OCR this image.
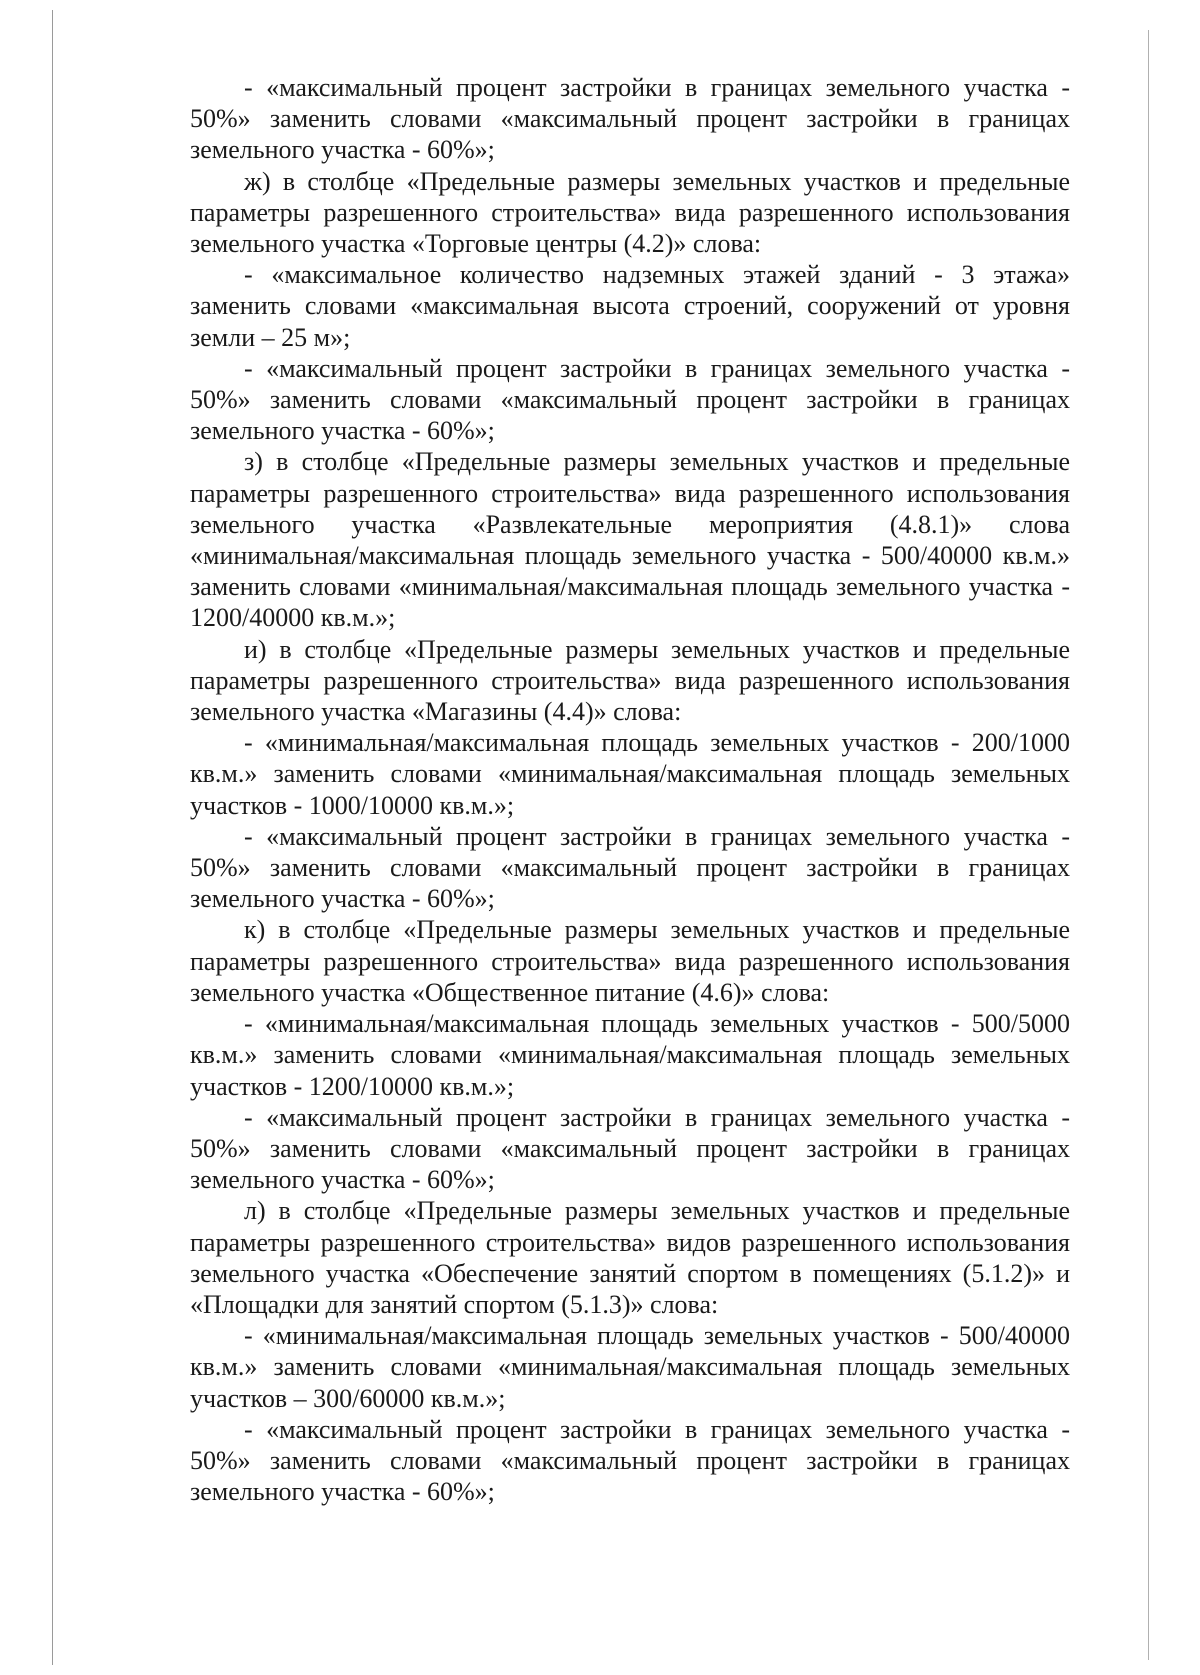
- «максимальный процент застройки в границах земельного участка - 50%» заменить словами «максимальный процент застройки в границах земельного участка - 60%»;

ж) в столбце «Предельные размеры земельных участков и предельные параметры разрешенного строительства» вида разрешенного использования земельного участка «Торговые центры (4.2)» слова:

- «максимальное количество надземных этажей зданий - 3 этажа» заменить словами «максимальная высота строений, сооружений от уровня земли – 25 м»;

- «максимальный процент застройки в границах земельного участка - 50%» заменить словами «максимальный процент застройки в границах земельного участка - 60%»;

з) в столбце «Предельные размеры земельных участков и предельные параметры разрешенного строительства» вида разрешенного использования земельного участка «Развлекательные мероприятия (4.8.1)» слова «минимальная/максимальная площадь земельного участка - 500/40000 кв.м.» заменить словами «минимальная/максимальная площадь земельного участка - 1200/40000 кв.м.»;

и) в столбце «Предельные размеры земельных участков и предельные параметры разрешенного строительства» вида разрешенного использования земельного участка «Магазины (4.4)» слова:

- «минимальная/максимальная площадь земельных участков - 200/1000 кв.м.» заменить словами «минимальная/максимальная площадь земельных участков - 1000/10000 кв.м.»;

- «максимальный процент застройки в границах земельного участка - 50%» заменить словами «максимальный процент застройки в границах земельного участка - 60%»;

к) в столбце «Предельные размеры земельных участков и предельные параметры разрешенного строительства» вида разрешенного использования земельного участка «Общественное питание (4.6)» слова:

- «минимальная/максимальная площадь земельных участков - 500/5000 кв.м.» заменить словами «минимальная/максимальная площадь земельных участков - 1200/10000 кв.м.»;

- «максимальный процент застройки в границах земельного участка - 50%» заменить словами «максимальный процент застройки в границах земельного участка - 60%»;

л) в столбце «Предельные размеры земельных участков и предельные параметры разрешенного строительства» видов разрешенного использования земельного участка «Обеспечение занятий спортом в помещениях (5.1.2)» и «Площадки для занятий спортом (5.1.3)» слова:

- «минимальная/максимальная площадь земельных участков - 500/40000 кв.м.» заменить словами «минимальная/максимальная площадь земельных участков – 300/60000 кв.м.»;

- «максимальный процент застройки в границах земельного участка - 50%» заменить словами «максимальный процент застройки в границах земельного участка - 60%»;
